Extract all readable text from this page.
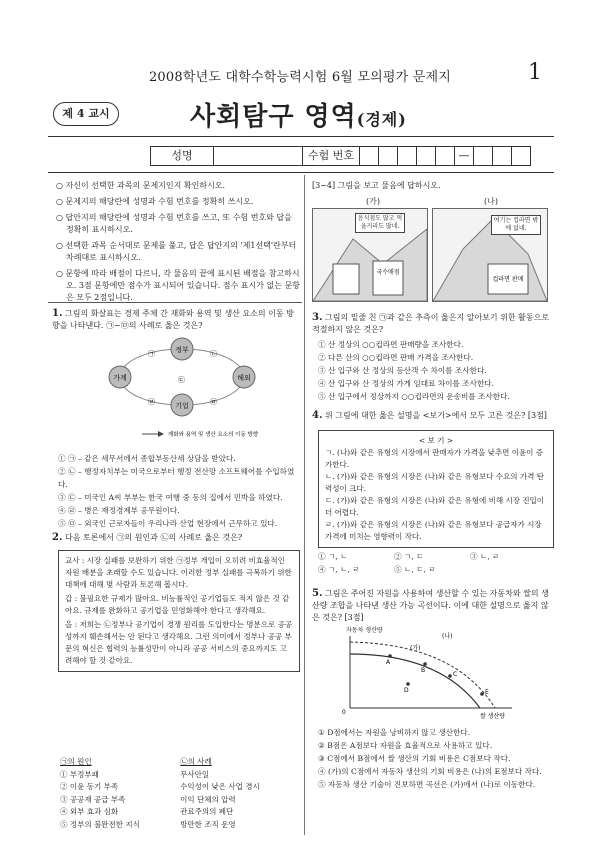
2008학년도 대학수학능력시험 6월 모의평가 문제지	1
제 4 교시	사회탐구 영역(경제)
성명	수험 번호	—
○ 자신이 선택한 과목의 문제지인지 확인하시오.
○ 문제지의 해당란에 성명과 수험 번호를 정확히 쓰시오.
○ 답안지의 해당란에 성명과 수험 번호를 쓰고, 또 수험 번호와 답을 정확히 표시하시오.
○ 선택한 과목 순서대로 문제를 풀고, 답은 답안지의 '제1선택'란부터 차례대로 표시하시오.
○ 문항에 따라 배점이 다르니, 각 물음의 끝에 표시된 배점을 참고하시오. 3점 문항에만 점수가 표시되어 있습니다. 점수 표시가 없는 문항은 모두 2점입니다.
1. 그림의 화살표는 경제 주체 간 재화와 용역 및 생산 요소의 이동 방향을 나타낸다. ㉠~㉤의 사례로 옳은 것은?
정부
가계
기업
해외
㉠	㉡
㉢
㉣	㉤
재화와 용역 및 생산 요소의 이동 방향
① ㉠ – 같은 세무서에서 종합부동산세 상담을 받았다.
② ㉡ – 행정자치부는 미국으로부터 행정 전산망 소프트웨어를 수입하였다.
③ ㉢ – 미국인 A씨 부부는 한국 여행 중 동의 집에서 민박을 하였다.
④ ㉣ – 병은 재정경제부 공무원이다.
⑤ ㉤ – 외국인 근로자들이 우리나라 산업 현장에서 근무하고 있다.
2. 다음 토론에서 ㉠의 원인과 ㉡의 사례로 옳은 것은?
교사 : 시장 실패를 보완하기 위한 ㉠정부 개입이 오히려 비효율적인 자원 배분을 초래할 수도 있습니다. 이러한 정부 실패를 극복하기 위한 대책에 대해 몇 사람과 토론해 봅시다.
갑 : 불필요한 규제가 많아요. 비능률적인 공기업들도 적지 않은 것 같아요. 규제를 완화하고 공기업을 민영화해야 한다고 생각해요.
을 : 저희는 ㉡정부나 공기업이 경쟁 원리를 도입한다는 명분으로 공공성까지 훼손해서는 안 된다고 생각해요. 그런 의미에서 정부나 공공 부문의 혁신은 협력의 능률성만이 아니라 공공 서비스의 중요까지도 고려해야 할 것 같아요.
㉠의 원인	㉡의 사례
① 부정부패	무사안일
② 이윤 동기 부족	수익성이 낮은 사업 경시
③ 공공재 공급 부족	이익 단체의 압력
④ 외부 효과 심화	관료주의의 폐단
⑤ 정부의 불완전한 지식	방만한 조직 운영
[3~4] 그림을 보고 물음에 답하시오.
(가)	(나)
국수매점
음식점도 많고 먹을거리도 많네.
컵라면 판매
여기는 컵라면 밖에 없네.
3. 그림의 밑줄 친 ㉠과 같은 추측이 옳은지 알아보기 위한 활동으로 적절하지 않은 것은?
① 산 정상의 ○○컵라면 판매량을 조사한다.
② 다른 산의 ○○컵라면 판매 가격을 조사한다.
③ 산 입구와 산 정상의 등산객 수 차이를 조사한다.
④ 산 입구와 산 정상의 가게 임대료 차이를 조사한다.
⑤ 산 입구에서 정상까지 ○○컵라면의 운송비를 조사한다.
4. 위 그림에 대한 옳은 설명을 <보기>에서 모두 고른 것은? [3점]
< 보 기 >
ㄱ. (나)와 같은 유형의 시장에서 판매자가 가격을 낮추면 이윤이 증가한다.
ㄴ. (가)와 같은 유형의 시장은 (나)와 같은 유형보다 수요의 가격 탄력성이 크다.
ㄷ. (가)와 같은 유형의 시장은 (나)와 같은 유형에 비해 시장 진입이 더 어렵다.
ㄹ. (가)와 같은 유형의 시장은 (나)와 같은 유형보다 공급자가 시장 가격에 미치는 영향력이 작다.
① ㄱ, ㄴ	② ㄱ, ㄷ	③ ㄴ, ㄹ
④ ㄱ, ㄴ, ㄹ	⑤ ㄴ, ㄷ, ㄹ
5. 그림은 주어진 자원을 사용하여 생산할 수 있는 자동차와 쌀의 생산량 조합을 나타낸 생산 가능 곡선이다. 이에 대한 설명으로 옳지 않은 것은? [3점]
자동차 생산량
쌀 생산량
0
(가)
(나)
A
B
C
D	E
① D점에서는 자원을 낭비하지 않고 생산한다.
② B점은 A점보다 자원을 효율적으로 사용하고 있다.
③ C점에서 B점에서 쌀 생산의 기회 비용은 C점보다 작다.
④ (가)의 C점에서 자동차 생산의 기회 비용은 (나)의 E점보다 작다.
⑤ 자동차 생산 기술이 진보하면 곡선은 (가)에서 (나)로 이동한다.
